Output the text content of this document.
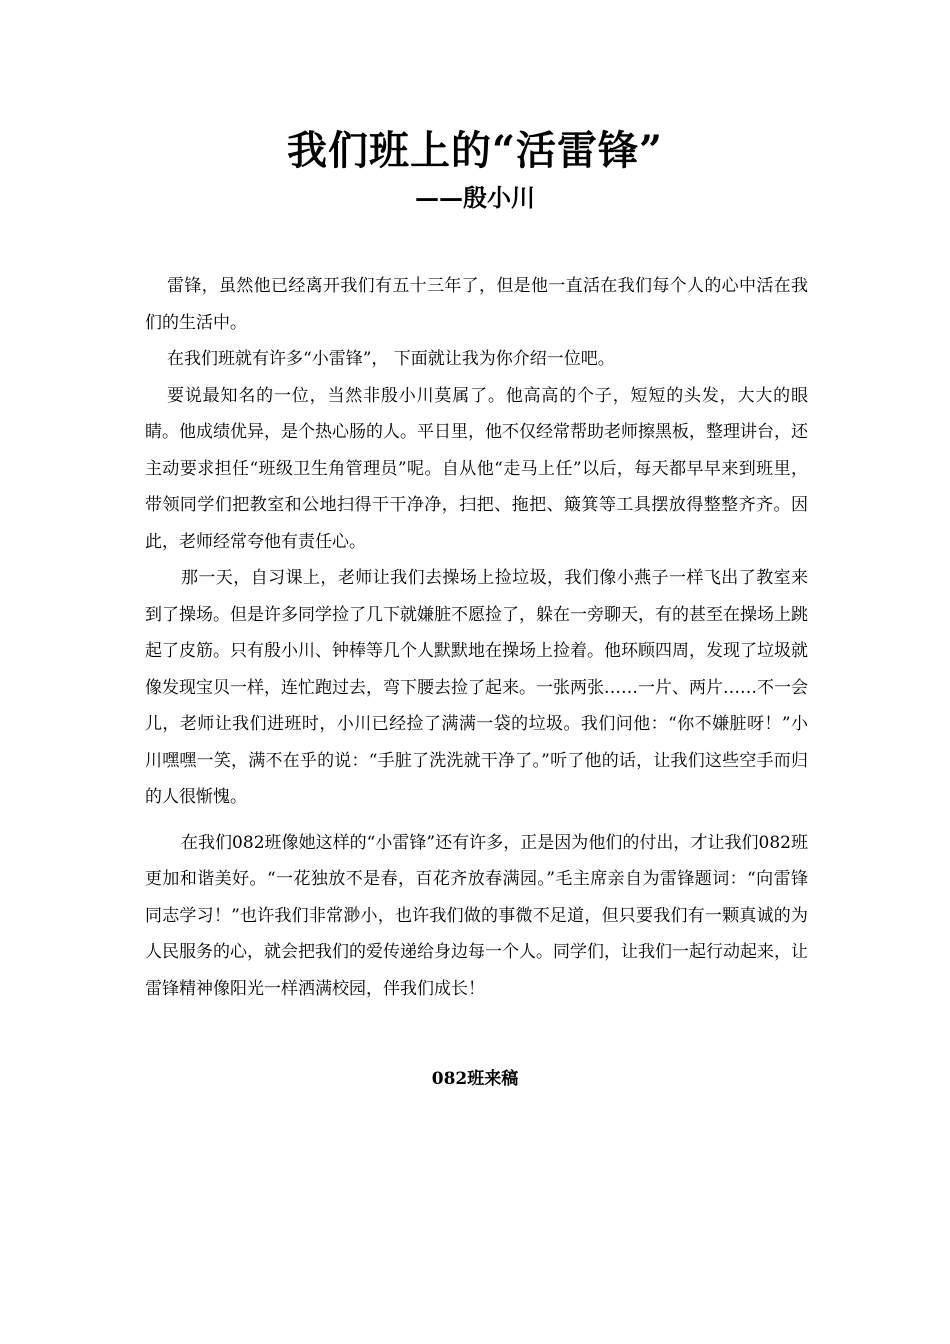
我们班上的“活雷锋”
——殷小川

雷锋，虽然他已经离开我们有五十三年了，但是他一直活在我们每个人的心中活在我们的生活中。

在我们班就有许多“小雷锋”， 下面就让我为你介绍一位吧。

要说最知名的一位，当然非殷小川莫属了。他高高的个子，短短的头发，大大的眼睛。他成绩优异，是个热心肠的人。平日里，他不仅经常帮助老师擦黑板，整理讲台，还主动要求担任“班级卫生角管理员”呢。自从他“走马上任”以后，每天都早早来到班里，带领同学们把教室和公地扫得干干净净，扫把、拖把、簸箕等工具摆放得整整齐齐。因此，老师经常夸他有责任心。

那一天，自习课上，老师让我们去操场上捡垃圾，我们像小燕子一样飞出了教室来到了操场。但是许多同学捡了几下就嫌脏不愿捡了，躲在一旁聊天，有的甚至在操场上跳起了皮筋。只有殷小川、钟棒等几个人默默地在操场上捡着。他环顾四周，发现了垃圾就像发现宝贝一样，连忙跑过去，弯下腰去捡了起来。一张两张……一片、两片……不一会儿，老师让我们进班时，小川已经捡了满满一袋的垃圾。我们问他：“你不嫌脏呀！”小川嘿嘿一笑，满不在乎的说：“手脏了洗洗就干净了。”听了他的话，让我们这些空手而归的人很惭愧。

在我们082班像她这样的“小雷锋”还有许多，正是因为他们的付出，才让我们082班更加和谐美好。“一花独放不是春，百花齐放春满园。”毛主席亲自为雷锋题词：“向雷锋同志学习！”也许我们非常渺小，也许我们做的事微不足道，但只要我们有一颗真诚的为人民服务的心，就会把我们的爱传递给身边每一个人。同学们，让我们一起行动起来，让雷锋精神像阳光一样洒满校园，伴我们成长！

082班来稿
